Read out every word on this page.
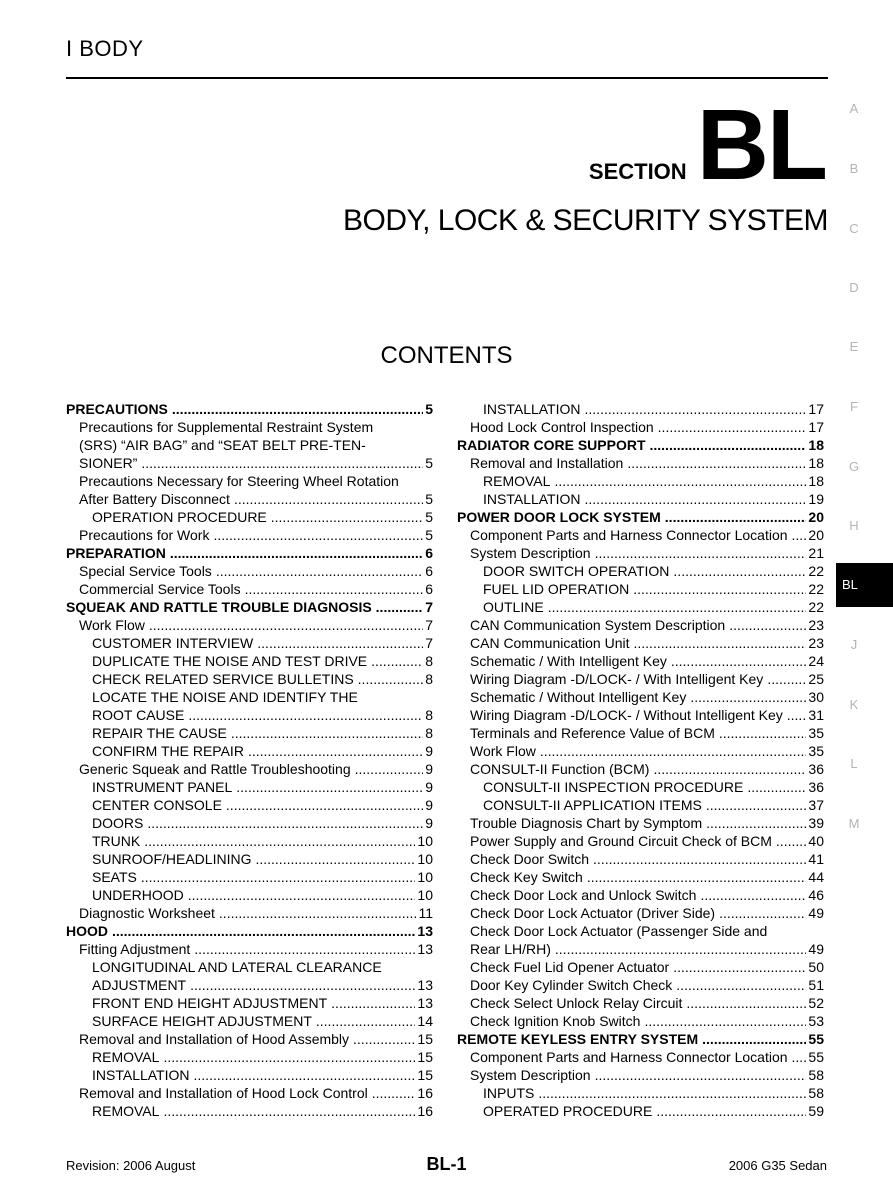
I BODY
SECTION BL
BODY, LOCK & SECURITY SYSTEM
CONTENTS
A
B
C
D
E
F
G
H
BL
J
K
L
M
PRECAUTIONS .....	5
Precautions for Supplemental Restraint System
(SRS) “AIR BAG” and “SEAT BELT PRE-TEN-
SIONER” .....	5
Precautions Necessary for Steering Wheel Rotation
After Battery Disconnect .....	5
OPERATION PROCEDURE .....	5
Precautions for Work .....	5
PREPARATION .....	6
Special Service Tools .....	6
Commercial Service Tools .....	6
SQUEAK AND RATTLE TROUBLE DIAGNOSIS .....	7
Work Flow .....	7
CUSTOMER INTERVIEW .....	7
DUPLICATE THE NOISE AND TEST DRIVE .....	8
CHECK RELATED SERVICE BULLETINS .....	8
LOCATE THE NOISE AND IDENTIFY THE
ROOT CAUSE .....	8
REPAIR THE CAUSE .....	8
CONFIRM THE REPAIR .....	9
Generic Squeak and Rattle Troubleshooting .....	9
INSTRUMENT PANEL .....	9
CENTER CONSOLE .....	9
DOORS .....	9
TRUNK .....	10
SUNROOF/HEADLINING .....	10
SEATS .....	10
UNDERHOOD .....	10
Diagnostic Worksheet .....	11
HOOD .....	13
Fitting Adjustment .....	13
LONGITUDINAL AND LATERAL CLEARANCE
ADJUSTMENT .....	13
FRONT END HEIGHT ADJUSTMENT .....	13
SURFACE HEIGHT ADJUSTMENT .....	14
Removal and Installation of Hood Assembly .....	15
REMOVAL .....	15
INSTALLATION .....	15
Removal and Installation of Hood Lock Control .....	16
REMOVAL .....	16
INSTALLATION .....	17
Hood Lock Control Inspection .....	17
RADIATOR CORE SUPPORT .....	18
Removal and Installation .....	18
REMOVAL .....	18
INSTALLATION .....	19
POWER DOOR LOCK SYSTEM .....	20
Component Parts and Harness Connector Location ..... 20
System Description .....	21
DOOR SWITCH OPERATION .....	22
FUEL LID OPERATION .....	22
OUTLINE .....	22
CAN Communication System Description .....	23
CAN Communication Unit .....	23
Schematic / With Intelligent Key .....	24
Wiring Diagram -D/LOCK- / With Intelligent Key .....	25
Schematic / Without Intelligent Key .....	30
Wiring Diagram -D/LOCK- / Without Intelligent Key ..... 31
Terminals and Reference Value of BCM .....	35
Work Flow .....	35
CONSULT-II Function (BCM) .....	36
CONSULT-II INSPECTION PROCEDURE .....	36
CONSULT-II APPLICATION ITEMS .....	37
Trouble Diagnosis Chart by Symptom .....	39
Power Supply and Ground Circuit Check of BCM .....	40
Check Door Switch .....	41
Check Key Switch .....	44
Check Door Lock and Unlock Switch .....	46
Check Door Lock Actuator (Driver Side) .....	49
Check Door Lock Actuator (Passenger Side and
Rear LH/RH) .....	49
Check Fuel Lid Opener Actuator .....	50
Door Key Cylinder Switch Check .....	51
Check Select Unlock Relay Circuit .....	52
Check Ignition Knob Switch .....	53
REMOTE KEYLESS ENTRY SYSTEM .....	55
Component Parts and Harness Connector Location ..... 55
System Description .....	58
INPUTS .....	58
OPERATED PROCEDURE .....	59
Revision: 2006 August	BL-1	2006 G35 Sedan
